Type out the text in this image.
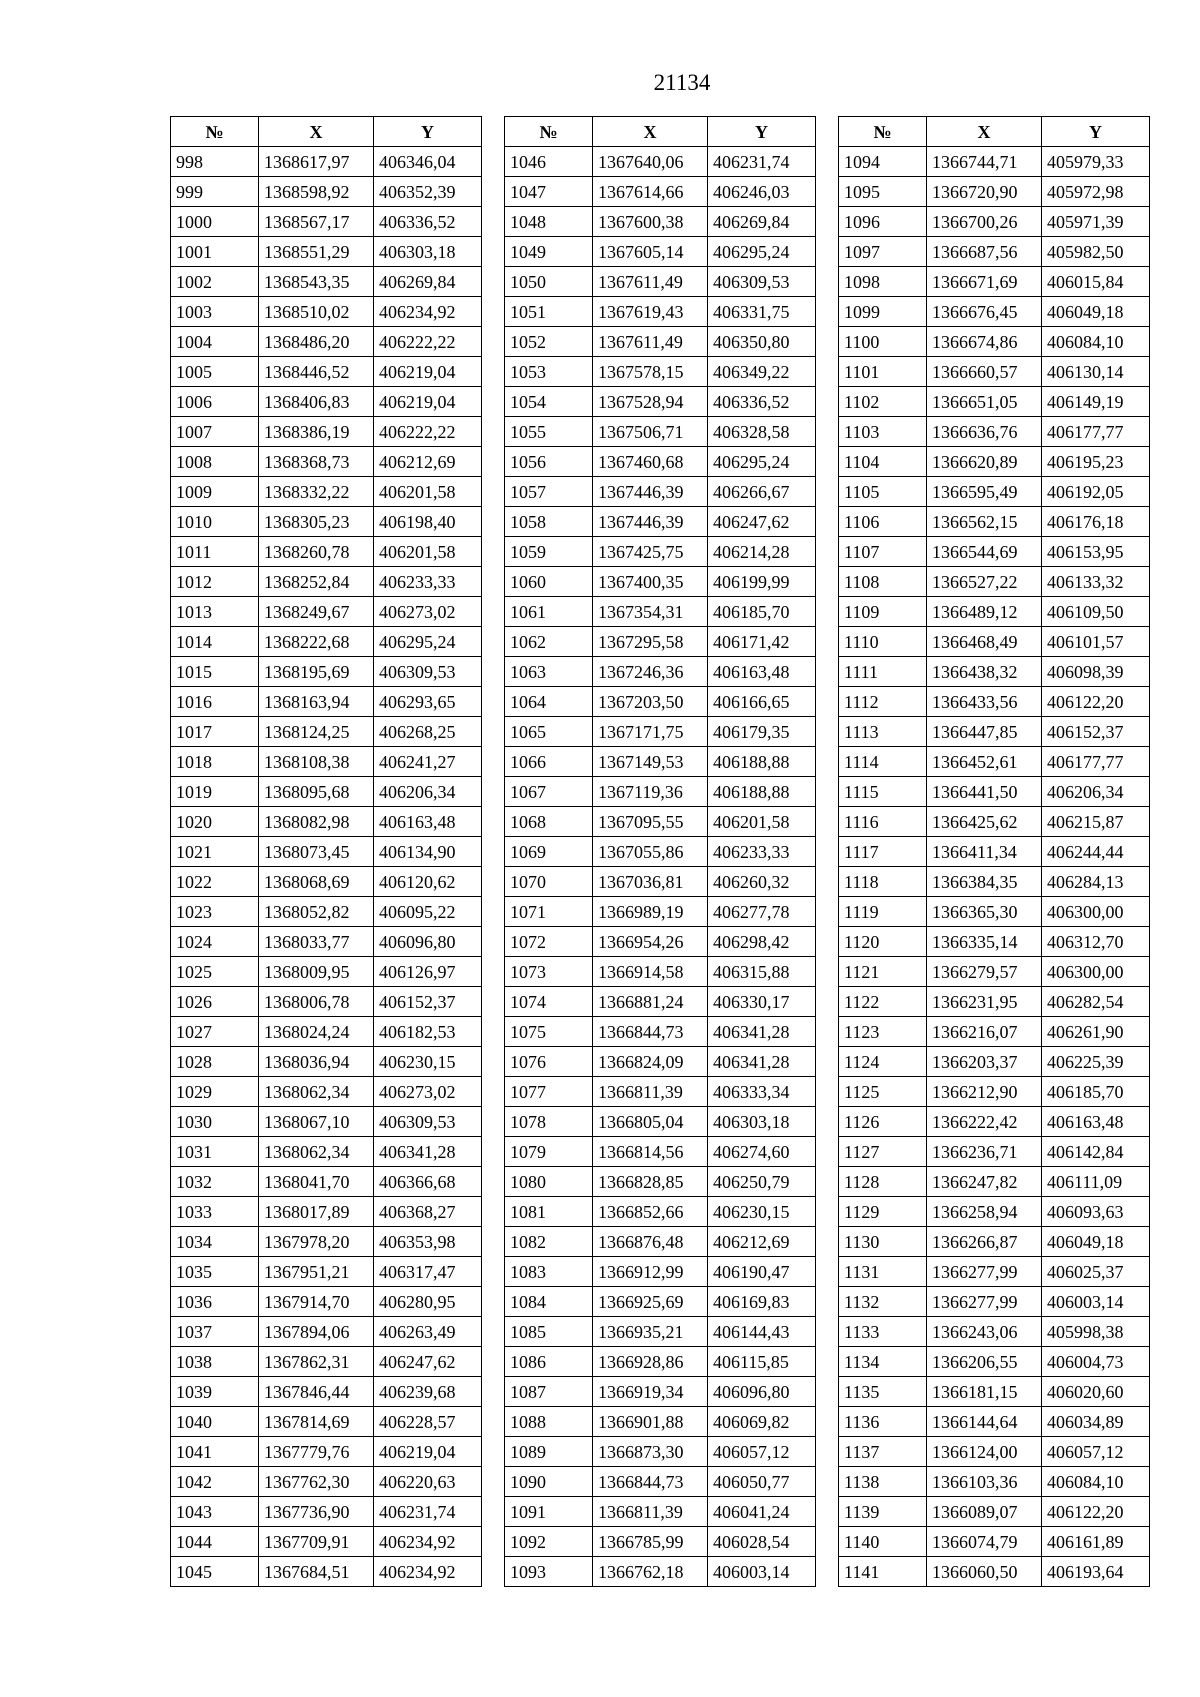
21134
№	X	Y
998	1368617,97	406346,04
999	1368598,92	406352,39
1000	1368567,17	406336,52
1001	1368551,29	406303,18
1002	1368543,35	406269,84
1003	1368510,02	406234,92
1004	1368486,20	406222,22
1005	1368446,52	406219,04
1006	1368406,83	406219,04
1007	1368386,19	406222,22
1008	1368368,73	406212,69
1009	1368332,22	406201,58
1010	1368305,23	406198,40
1011	1368260,78	406201,58
1012	1368252,84	406233,33
1013	1368249,67	406273,02
1014	1368222,68	406295,24
1015	1368195,69	406309,53
1016	1368163,94	406293,65
1017	1368124,25	406268,25
1018	1368108,38	406241,27
1019	1368095,68	406206,34
1020	1368082,98	406163,48
1021	1368073,45	406134,90
1022	1368068,69	406120,62
1023	1368052,82	406095,22
1024	1368033,77	406096,80
1025	1368009,95	406126,97
1026	1368006,78	406152,37
1027	1368024,24	406182,53
1028	1368036,94	406230,15
1029	1368062,34	406273,02
1030	1368067,10	406309,53
1031	1368062,34	406341,28
1032	1368041,70	406366,68
1033	1368017,89	406368,27
1034	1367978,20	406353,98
1035	1367951,21	406317,47
1036	1367914,70	406280,95
1037	1367894,06	406263,49
1038	1367862,31	406247,62
1039	1367846,44	406239,68
1040	1367814,69	406228,57
1041	1367779,76	406219,04
1042	1367762,30	406220,63
1043	1367736,90	406231,74
1044	1367709,91	406234,92
1045	1367684,51	406234,92
№	X	Y
1046	1367640,06	406231,74
1047	1367614,66	406246,03
1048	1367600,38	406269,84
1049	1367605,14	406295,24
1050	1367611,49	406309,53
1051	1367619,43	406331,75
1052	1367611,49	406350,80
1053	1367578,15	406349,22
1054	1367528,94	406336,52
1055	1367506,71	406328,58
1056	1367460,68	406295,24
1057	1367446,39	406266,67
1058	1367446,39	406247,62
1059	1367425,75	406214,28
1060	1367400,35	406199,99
1061	1367354,31	406185,70
1062	1367295,58	406171,42
1063	1367246,36	406163,48
1064	1367203,50	406166,65
1065	1367171,75	406179,35
1066	1367149,53	406188,88
1067	1367119,36	406188,88
1068	1367095,55	406201,58
1069	1367055,86	406233,33
1070	1367036,81	406260,32
1071	1366989,19	406277,78
1072	1366954,26	406298,42
1073	1366914,58	406315,88
1074	1366881,24	406330,17
1075	1366844,73	406341,28
1076	1366824,09	406341,28
1077	1366811,39	406333,34
1078	1366805,04	406303,18
1079	1366814,56	406274,60
1080	1366828,85	406250,79
1081	1366852,66	406230,15
1082	1366876,48	406212,69
1083	1366912,99	406190,47
1084	1366925,69	406169,83
1085	1366935,21	406144,43
1086	1366928,86	406115,85
1087	1366919,34	406096,80
1088	1366901,88	406069,82
1089	1366873,30	406057,12
1090	1366844,73	406050,77
1091	1366811,39	406041,24
1092	1366785,99	406028,54
1093	1366762,18	406003,14
№	X	Y
1094	1366744,71	405979,33
1095	1366720,90	405972,98
1096	1366700,26	405971,39
1097	1366687,56	405982,50
1098	1366671,69	406015,84
1099	1366676,45	406049,18
1100	1366674,86	406084,10
1101	1366660,57	406130,14
1102	1366651,05	406149,19
1103	1366636,76	406177,77
1104	1366620,89	406195,23
1105	1366595,49	406192,05
1106	1366562,15	406176,18
1107	1366544,69	406153,95
1108	1366527,22	406133,32
1109	1366489,12	406109,50
1110	1366468,49	406101,57
1111	1366438,32	406098,39
1112	1366433,56	406122,20
1113	1366447,85	406152,37
1114	1366452,61	406177,77
1115	1366441,50	406206,34
1116	1366425,62	406215,87
1117	1366411,34	406244,44
1118	1366384,35	406284,13
1119	1366365,30	406300,00
1120	1366335,14	406312,70
1121	1366279,57	406300,00
1122	1366231,95	406282,54
1123	1366216,07	406261,90
1124	1366203,37	406225,39
1125	1366212,90	406185,70
1126	1366222,42	406163,48
1127	1366236,71	406142,84
1128	1366247,82	406111,09
1129	1366258,94	406093,63
1130	1366266,87	406049,18
1131	1366277,99	406025,37
1132	1366277,99	406003,14
1133	1366243,06	405998,38
1134	1366206,55	406004,73
1135	1366181,15	406020,60
1136	1366144,64	406034,89
1137	1366124,00	406057,12
1138	1366103,36	406084,10
1139	1366089,07	406122,20
1140	1366074,79	406161,89
1141	1366060,50	406193,64
